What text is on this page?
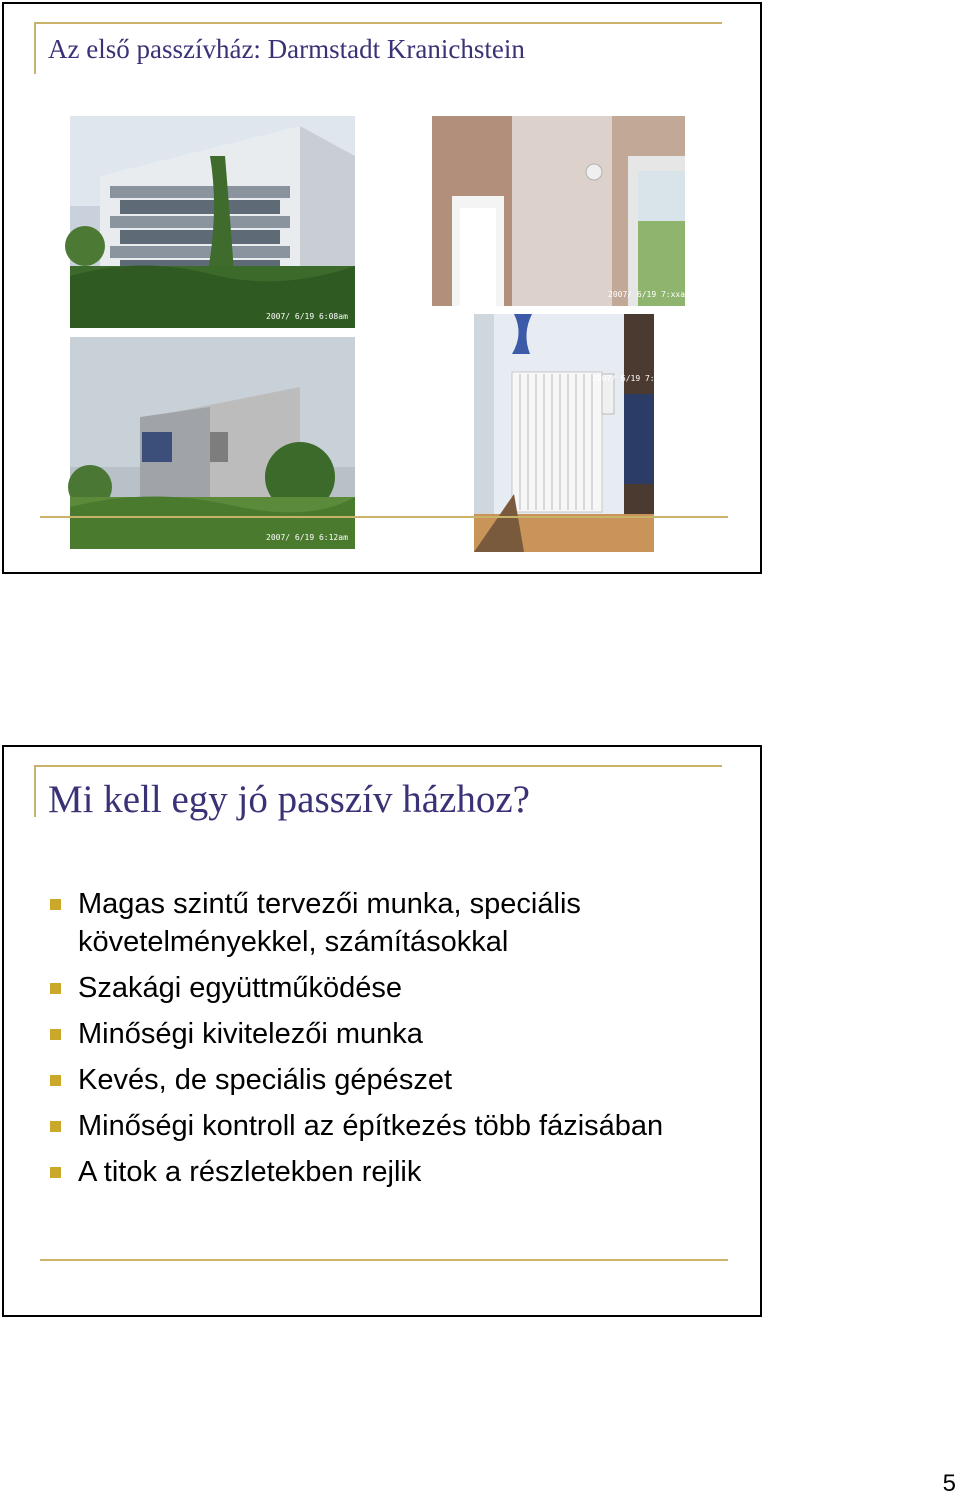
Az első passzívház: Darmstadt Kranichstein
2007/ 6/19 6:08am
2007/ 6/19 7:xxam
2007/ 6/19 6:12am
2007/ 6/19 7:xxam
Mi kell egy jó passzív házhoz?
Magas szintű tervezői munka, speciális követelményekkel, számításokkal
Szakági együttműködése
Minőségi kivitelezői munka
Kevés, de speciális gépészet
Minőségi kontroll az építkezés több fázisában
A titok a részletekben rejlik
5
